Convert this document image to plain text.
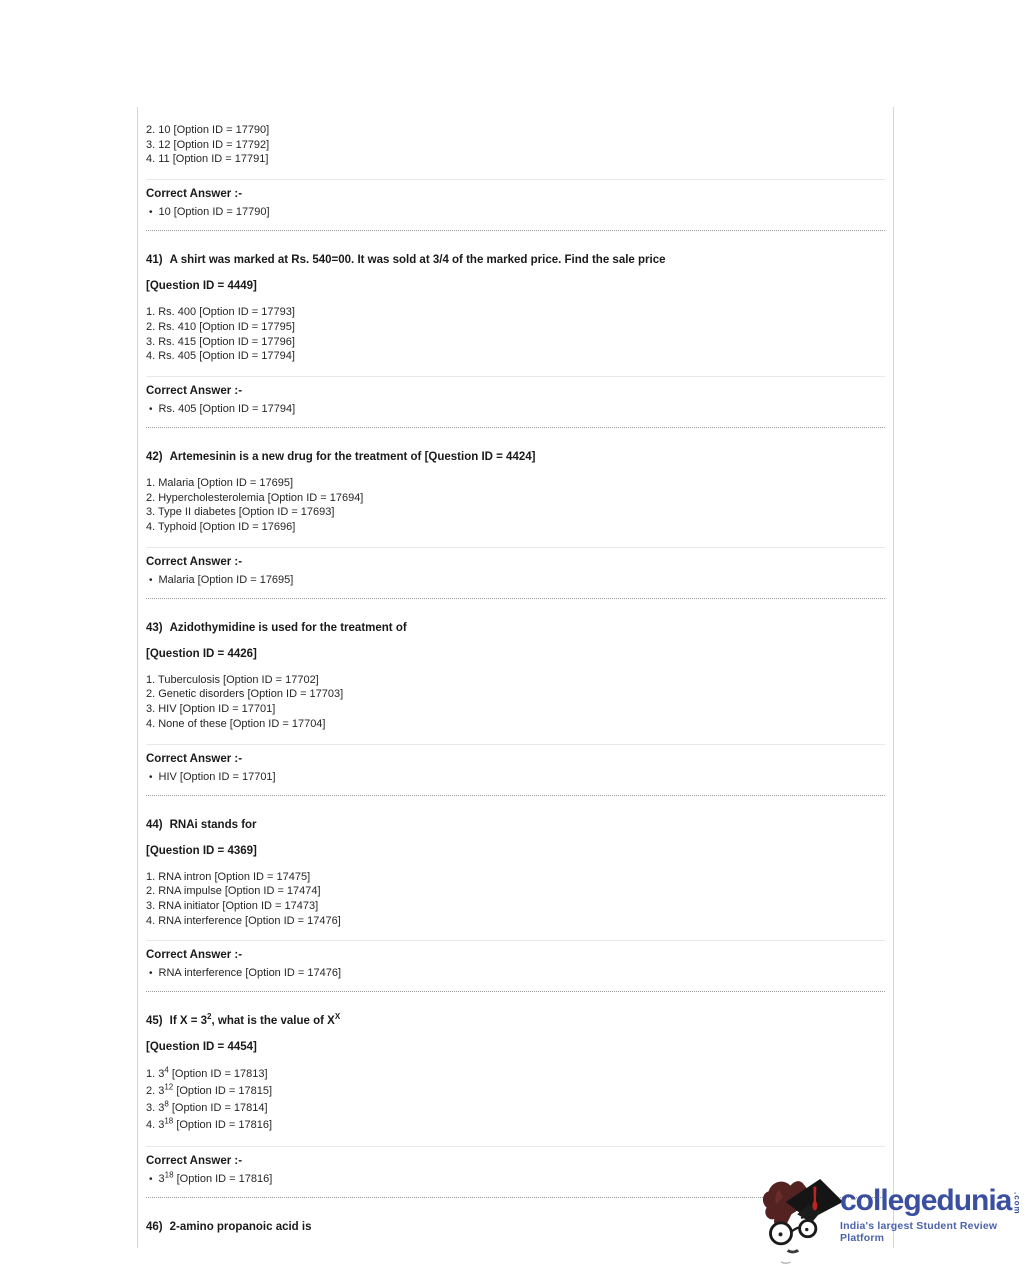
2. 10 [Option ID = 17790]
3. 12 [Option ID = 17792]
4. 11 [Option ID = 17791]
Correct Answer :-
• 10 [Option ID = 17790]
41) A shirt was marked at Rs. 540=00. It was sold at 3/4 of the marked price. Find the sale price
[Question ID = 4449]
1. Rs. 400 [Option ID = 17793]
2. Rs. 410 [Option ID = 17795]
3. Rs. 415 [Option ID = 17796]
4. Rs. 405 [Option ID = 17794]
Correct Answer :-
• Rs. 405 [Option ID = 17794]
42) Artemesinin is a new drug for the treatment of [Question ID = 4424]
1. Malaria [Option ID = 17695]
2. Hypercholesterolemia [Option ID = 17694]
3. Type II diabetes [Option ID = 17693]
4. Typhoid [Option ID = 17696]
Correct Answer :-
• Malaria [Option ID = 17695]
43) Azidothymidine is used for the treatment of
[Question ID = 4426]
1. Tuberculosis [Option ID = 17702]
2. Genetic disorders [Option ID = 17703]
3. HIV [Option ID = 17701]
4. None of these [Option ID = 17704]
Correct Answer :-
• HIV [Option ID = 17701]
44) RNAi stands for
[Question ID = 4369]
1. RNA intron [Option ID = 17475]
2. RNA impulse [Option ID = 17474]
3. RNA initiator [Option ID = 17473]
4. RNA interference [Option ID = 17476]
Correct Answer :-
• RNA interference [Option ID = 17476]
45) If $X = 3^2$, what is the value of $X^X$
[Question ID = 4454]
1. $3^4$ [Option ID = 17813]
2. $3^{12}$ [Option ID = 17815]
3. $3^8$ [Option ID = 17814]
4. $3^{18}$ [Option ID = 17816]
Correct Answer :-
• $3^{18}$ [Option ID = 17816]
46) 2-amino propanoic acid is
collegedunia .com
India's largest Student Review Platform
